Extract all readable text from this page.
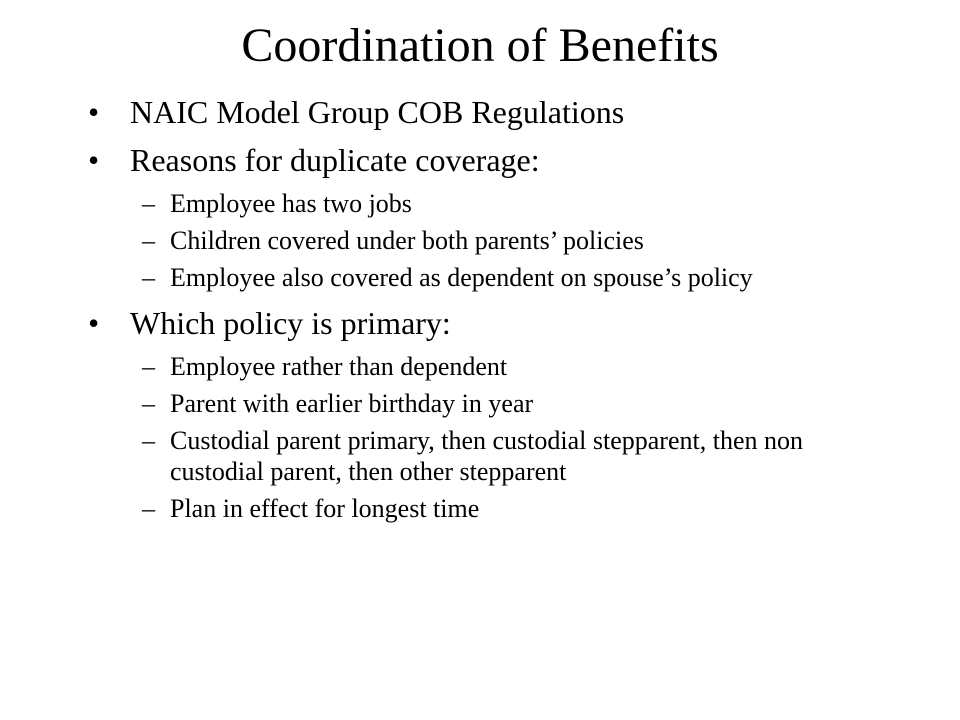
Coordination of Benefits
• NAIC Model Group COB Regulations
• Reasons for duplicate coverage:
– Employee has two jobs
– Children covered under both parents’ policies
– Employee also covered as dependent on spouse’s policy
• Which policy is primary:
– Employee rather than dependent
– Parent with earlier birthday in year
– Custodial parent primary, then custodial stepparent, then non custodial parent, then other stepparent
– Plan in effect for longest time
